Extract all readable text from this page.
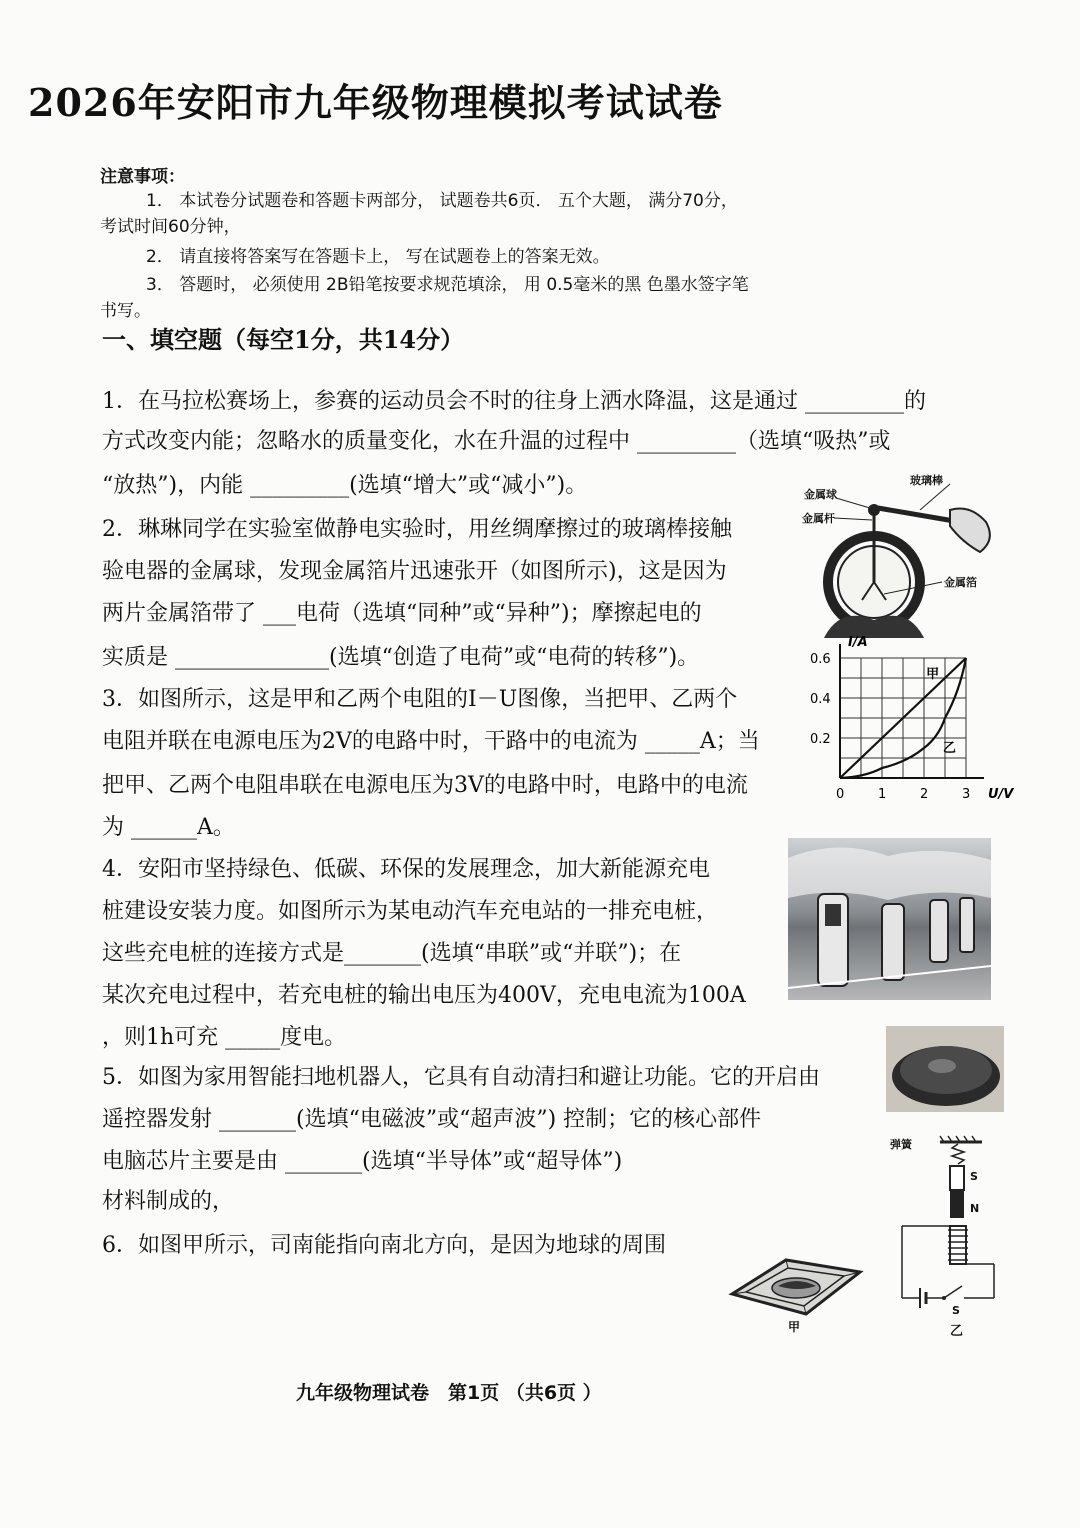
2026年安阳市九年级物理模拟考试试卷
注意事项：
1． 本试卷分试题卷和答题卡两部分， 试题卷共6页． 五个大题， 满分70分，
考试时间60分钟，
2． 请直接将答案写在答题卡上， 写在试题卷上的答案无效。
3． 答题时， 必须使用 2B铅笔按要求规范填涂， 用 0.5毫米的黑 色墨水签字笔
书写。
一、填空题（每空1分，共14分）
1．在马拉松赛场上，参赛的运动员会不时的往身上洒水降温，这是通过 _________的
方式改变内能；忽略水的质量变化，水在升温的过程中 _________（选填“吸热”或
“放热”)，内能 _________(选填“增大”或“减小”)。
2．琳琳同学在实验室做静电实验时，用丝绸摩擦过的玻璃棒接触
验电器的金属球，发现金属箔片迅速张开（如图所示)，这是因为
两片金属箔带了 ___电荷（选填“同种”或“异种”)；摩擦起电的
实质是 ______________(选填“创造了电荷”或“电荷的转移”)。
3．如图所示，这是甲和乙两个电阻的I－U图像，当把甲、乙两个
电阻并联在电源电压为2V的电路中时，干路中的电流为 _____A；当
把甲、乙两个电阻串联在电源电压为3V的电路中时，电路中的电流
为 ______A。
4．安阳市坚持绿色、低碳、环保的发展理念，加大新能源充电
桩建设安装力度。如图所示为某电动汽车充电站的一排充电桩，
这些充电桩的连接方式是_______(选填“串联”或“并联”)；在
某次充电过程中，若充电桩的输出电压为400V，充电电流为100A
，则1h可充 _____度电。
5．如图为家用智能扫地机器人，它具有自动清扫和避让功能。它的开启由
遥控器发射 _______(选填“电磁波”或“超声波”) 控制；它的核心部件
电脑芯片主要是由 _______(选填“半导体”或“超导体”)
材料制成的，
6．如图甲所示，司南能指向南北方向，是因为地球的周围
金属球
金属杆
玻璃棒
金属箔
I/A
U/V
0.6
0.4
0.2
0	1	2	3
甲
乙
弹簧
S
N
S
乙
甲
九年级物理试卷　第1页 （共6页 ）
